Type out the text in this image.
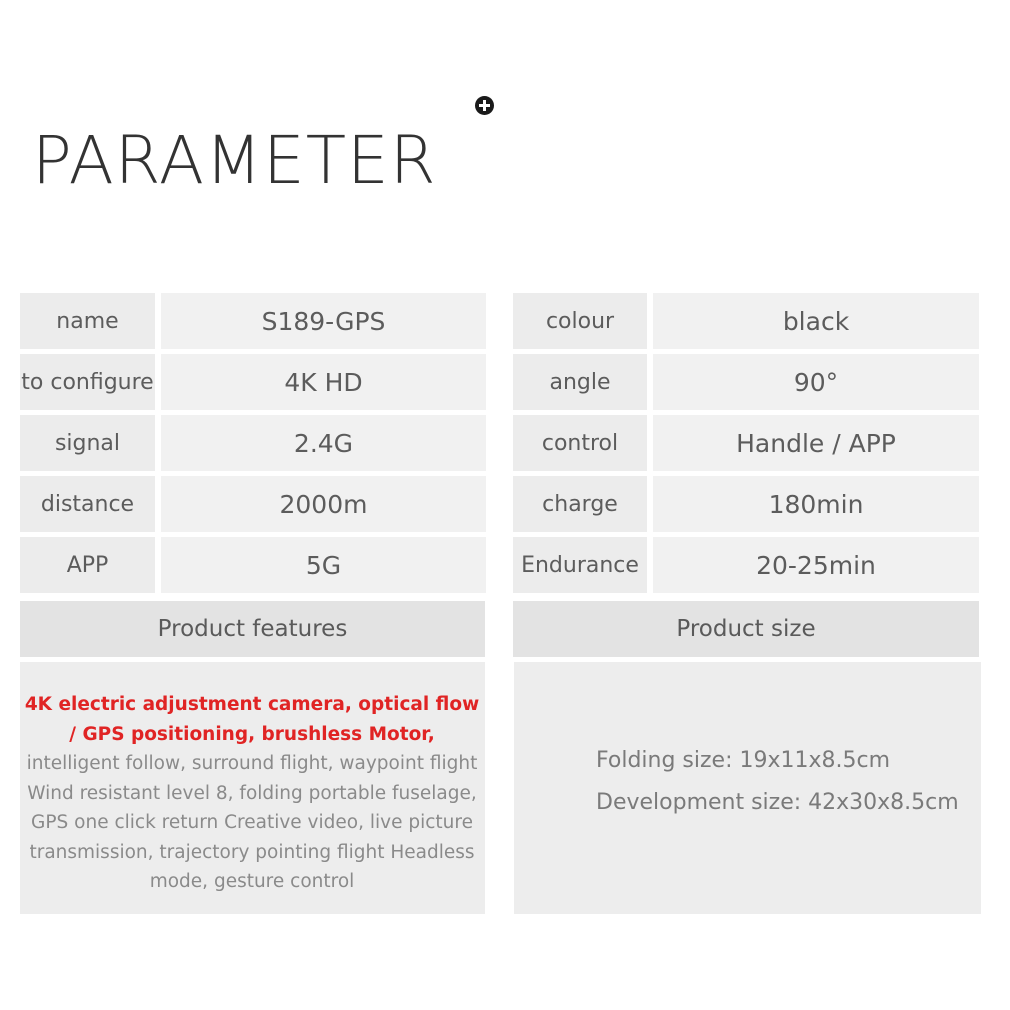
PARAMETER
name	S189-GPS
to configure	4K HD
signal	2.4G
distance	2000m
APP	5G
colour	black
angle	90°
control	Handle / APP
charge	180min
Endurance	20-25min
Product features	Product size
4K electric adjustment camera, optical flow / GPS positioning, brushless Motor, intelligent follow, surround flight, waypoint flight Wind resistant level 8, folding portable fuselage, GPS one click return Creative video, live picture transmission, trajectory pointing flight Headless mode, gesture control
Folding size: 19x11x8.5cm
Development size: 42x30x8.5cm
